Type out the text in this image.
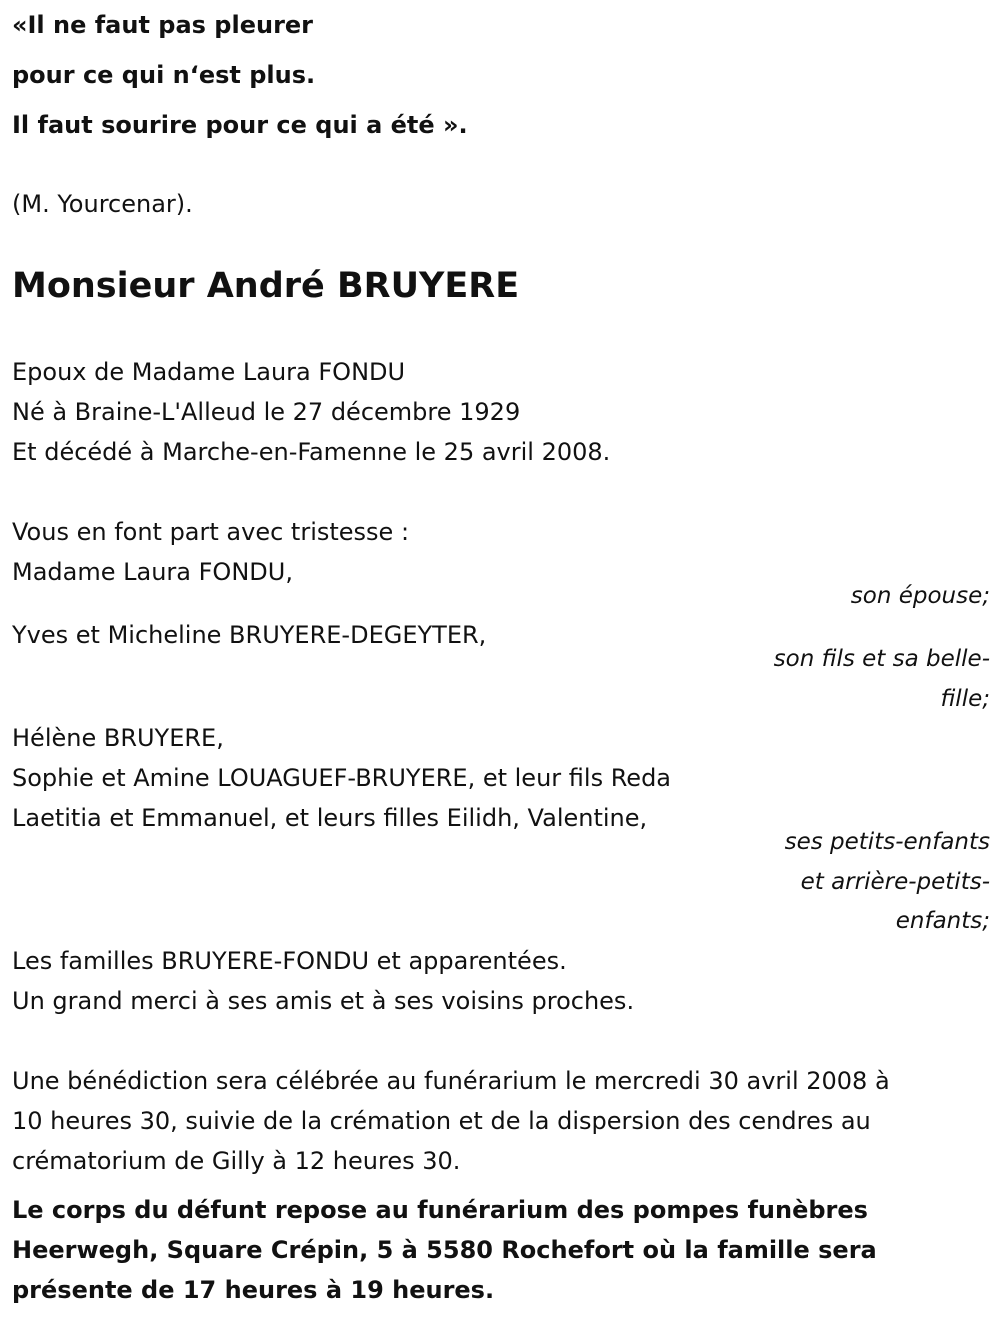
«Il ne faut pas pleurer
pour ce qui n‘est plus.
Il faut sourire pour ce qui a été ».
(M. Yourcenar).
Monsieur André BRUYERE
Epoux de Madame Laura FONDU
Né à Braine-L'Alleud le 27 décembre 1929
Et décédé à Marche-en-Famenne le 25 avril 2008.
Vous en font part avec tristesse :
Madame Laura FONDU,
son épouse;
Yves et Micheline BRUYERE-DEGEYTER,
son fils et sa belle-
fille;
Hélène BRUYERE,
Sophie et Amine LOUAGUEF-BRUYERE, et leur fils Reda
Laetitia et Emmanuel, et leurs filles Eilidh, Valentine,
ses petits-enfants
et arrière-petits-
enfants;
Les familles BRUYERE-FONDU et apparentées.
Un grand merci à ses amis et à ses voisins proches.
Une bénédiction sera célébrée au funérarium le mercredi 30 avril 2008 à
10 heures 30, suivie de la crémation et de la dispersion des cendres au
crématorium de Gilly à 12 heures 30.
Le corps du défunt repose au funérarium des pompes funèbres
Heerwegh, Square Crépin, 5 à 5580 Rochefort où la famille sera
présente de 17 heures à 19 heures.
